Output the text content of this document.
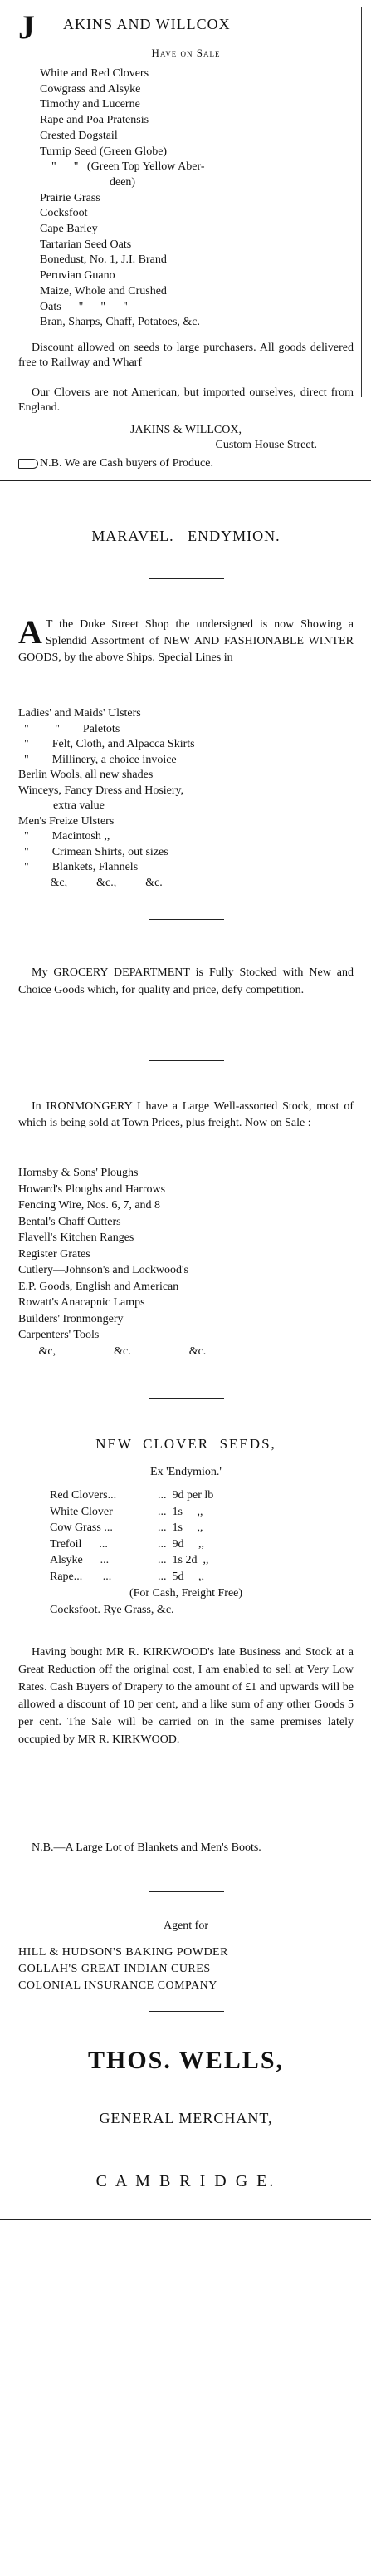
J AKINS AND WILLCOX
Have on Sale
White and Red Clovers
Cowgrass and Alsyke
Timothy and Lucerne
Rape and Poa Pratensis
Crested Dogstail
Turnip Seed (Green Globe)
"      "   (Green Top Yellow Aber-
deen)
Prairie Grass
Cocksfoot
Cape Barley
Tartarian Seed Oats
Bonedust, No. 1, J.I. Brand
Peruvian Guano
Maize, Whole and Crushed
Oats      "      "      "
Bran, Sharps, Chaff, Potatoes, &c.
Discount allowed on seeds to large purchasers. All goods delivered free to Railway and Wharf
Our Clovers are not American, but imported ourselves, direct from England.
JAKINS & WILLCOX,
Custom House Street.
N.B. We are Cash buyers of Produce.
MARAVEL.   ENDYMION.
A T the Duke Street Shop the undersigned is now Showing a Splendid Assortment of NEW AND FASHIONABLE WINTER GOODS, by the above Ships. Special Lines in
Ladies' and Maids' Ulsters
"         "        Paletots
"        Felt, Cloth, and Alpacca Skirts
"        Millinery, a choice invoice
Berlin Wools, all new shades
Winceys, Fancy Dress and Hosiery,
extra value
Men's Freize Ulsters
"        Macintosh ,,
"        Crimean Shirts, out sizes
"        Blankets, Flannels
&c,          &c.,          &c.
My GROCERY DEPARTMENT is Fully Stocked with New and Choice Goods which, for quality and price, defy competition.
In IRONMONGERY I have a Large Well-assorted Stock, most of which is being sold at Town Prices, plus freight. Now on Sale :
Hornsby & Sons' Ploughs
Howard's Ploughs and Harrows
Fencing Wire, Nos. 6, 7, and 8
Bental's Chaff Cutters
Flavell's Kitchen Ranges
Register Grates
Cutlery—Johnson's and Lockwood's
E.P. Goods, English and American
Rowatt's Anacapnic Lamps
Builders' Ironmongery
Carpenters' Tools
&c,                    &c.                    &c.
NEW  CLOVER  SEEDS,
Ex 'Endymion.'
Red Clovers...	...  9d per lb
White Clover	...  1s     ,,
Cow Grass ...	...  1s     ,,
Trefoil      ...	...  9d     ,,
Alsyke      ...	...  1s 2d  ,,
Rape...       ...	...  5d     ,,
(For Cash, Freight Free)
Cocksfoot. Rye Grass, &c.
Having bought MR R. KIRKWOOD's late Business and Stock at a Great Reduction off the original cost, I am enabled to sell at Very Low Rates. Cash Buyers of Drapery to the amount of £1 and upwards will be allowed a discount of 10 per cent, and a like sum of any other Goods 5 per cent. The Sale will be carried on in the same premises lately occupied by MR R. KIRKWOOD.
N.B.—A Large Lot of Blankets and Men's Boots.
Agent for
HILL & HUDSON'S BAKING POWDER
GOLLAH'S GREAT INDIAN CURES
COLONIAL INSURANCE COMPANY
THOS. WELLS,
GENERAL MERCHANT,
C A M B R I D G E.
